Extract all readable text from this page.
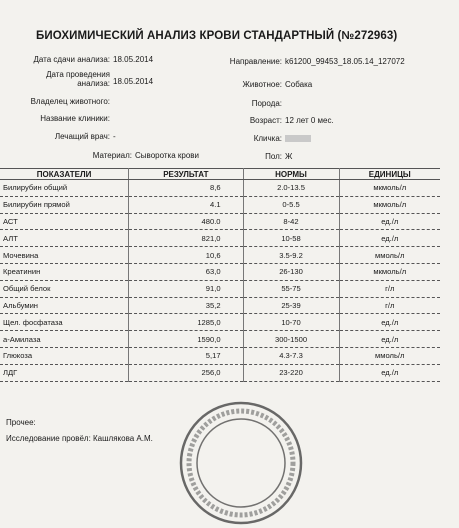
БИОХИМИЧЕСКИЙ АНАЛИЗ КРОВИ СТАНДАРТНЫЙ (№272963)
Дата сдачи анализа: 18.05.2014	Направление: k61200_99453_18.05.14_127072
Дата проведения
анализа: 18.05.2014	Животное: Собака
Владелец животного:	Порода:
Название клиники:	Возраст: 12 лет 0 мес.
Лечащий врач: -	Кличка:
Материал: Сыворотка крови	Пол: Ж
ПОКАЗАТЕЛИ	РЕЗУЛЬТАТ	НОРМЫ	ЕДИНИЦЫ
Билирубин общий	8,6	2.0-13.5	мкмоль/л
Билирубин прямой	4.1	0-5.5	мкмоль/л
АСТ	480.0	8-42	ед./л
АЛТ	821,0	10-58	ед./л
Мочевина	10,6	3.5-9.2	ммоль/л
Креатинин	63,0	26-130	мкмоль/л
Общий белок	91,0	55-75	г/л
Альбумин	35,2	25-39	г/л
Щел. фосфатаза	1285,0	10-70	ед./л
a-Амилаза	1590,0	300-1500	ед./л
Глюкоза	5,17	4.3-7.3	ммоль/л
ЛДГ	256,0	23-220	ед./л
Прочее:
Исследование провёл: Кашлякова А.М.
